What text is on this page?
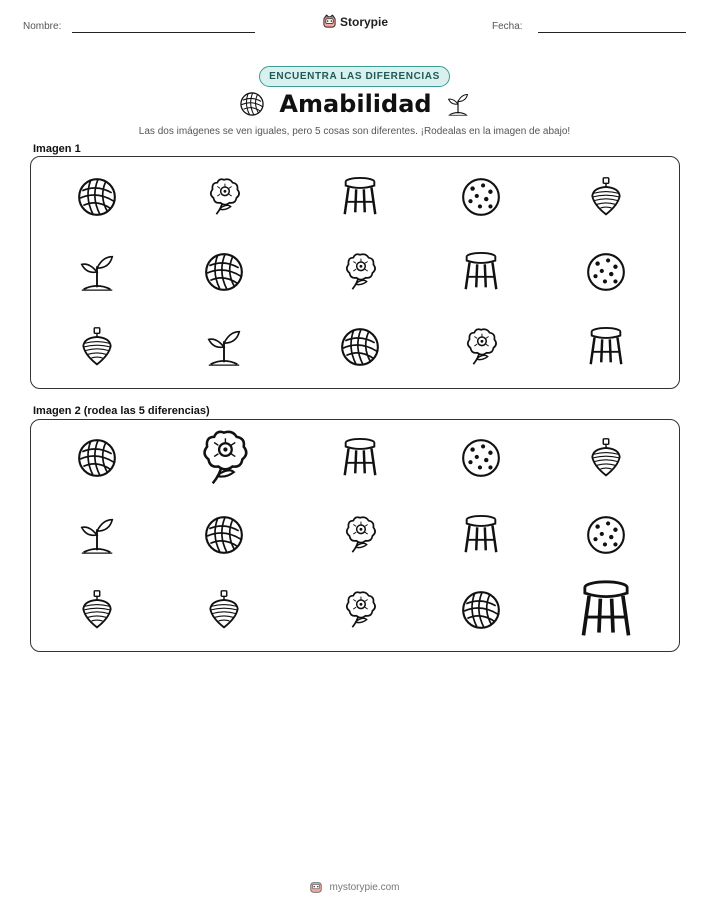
Nombre:	Storypie	Fecha:
ENCUENTRA LAS DIFERENCIAS
Amabilidad
Las dos imágenes se ven iguales, pero 5 cosas son diferentes. ¡Rodealas en la imagen de abajo!
Imagen 1
Imagen 2 (rodea las 5 diferencias)
mystorypie.com
